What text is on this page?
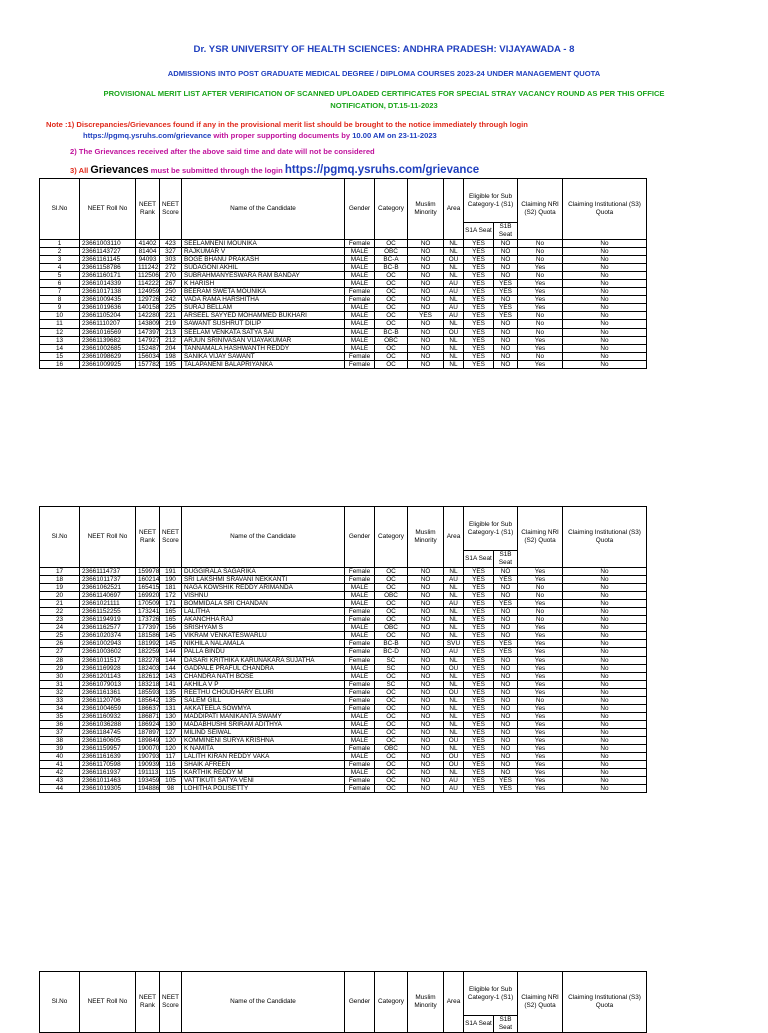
Dr. YSR UNIVERSITY OF HEALTH SCIENCES: ANDHRA PRADESH: VIJAYAWADA - 8
ADMISSIONS INTO POST GRADUATE MEDICAL DEGREE / DIPLOMA COURSES 2023-24 UNDER MANAGEMENT QUOTA
PROVISIONAL MERIT LIST AFTER VERIFICATION OF SCANNED UPLOADED CERTIFICATES FOR SPECIAL STRAY VACANCY ROUND AS PER THIS OFFICE
NOTIFICATION, DT.15-11-2023
Note :1) Discrepancies/Grievances found if any in the provisional merit list should be brought to the notice immediately through login
https://pgmq.ysruhs.com/grievance with proper supporting documents by 10.00 AM on 23-11-2023
2) The Grievances received after the above said time and date will not be considered
3) All Grievances must be submitted through the login https://pgmq.ysruhs.com/grievance
Sl.No	NEET Roll No	NEET Rank	NEET Score	Name of the Candidate	Gender	Category	Muslim Minority	Area	Eligible for Sub Category-1 (S1)		Claiming NRI (S2) Quota	Claiming Institutional (S3) Quota
									S1A Seat	S1B Seat		
1	23661003110	41402	423	SEELAMNENI MOUNIKA	Female	OC	NO	NL	YES	NO	No	No
2	23661143727	81404	327	RAJKUMAR V	MALE	OBC	NO	NL	YES	NO	No	No
3	23661161145	94093	303	BOGE BHANU PRAKASH	MALE	BC-A	NO	OU	YES	NO	No	No
4	23661158786	111242	272	SUDAGONI AKHIL	MALE	BC-B	NO	NL	YES	NO	Yes	No
5	23661160171	112506	270	SUBRAHMANYESWARA RAM BANDAY	MALE	OC	NO	NL	YES	NO	No	No
6	23661014339	114222	267	K HARISH	MALE	OC	NO	AU	YES	YES	Yes	No
7	23661017138	124959	250	BEERAM SWETA MOUNIKA	Female	OC	NO	AU	YES	YES	Yes	No
8	23661009435	129726	242	VADA RAMA HARSHITHA	Female	OC	NO	NL	YES	NO	Yes	No
9	23661019636	140158	225	SURAJ BELLAM	MALE	OC	NO	AU	YES	YES	Yes	No
10	23661105204	142280	221	ARSEEL SAYYED MOHAMMED BUKHARI	MALE	OC	YES	AU	YES	YES	No	No
11	23661110207	143809	219	SAWANT SUSHRUT DILIP	MALE	OC	NO	NL	YES	NO	No	No
12	23661016569	147397	213	SEELAM VENKATA SATYA SAI	MALE	BC-B	NO	OU	YES	NO	No	No
13	23661139682	147927	212	ARJUN SRINIVASAN VIJAYAKUMAR	MALE	OBC	NO	NL	YES	NO	Yes	No
14	23661002685	152487	204	TANNAMALA HASHWANTH REDDY	MALE	OC	NO	NL	YES	NO	Yes	No
15	23661098629	156034	198	SANIKA VIJAY SAWANT	Female	OC	NO	NL	YES	NO	No	No
16	23661009925	157782	195	TALAPANENI BALAPRIYANKA	Female	OC	NO	NL	YES	NO	Yes	No
Sl.No	NEET Roll No	NEET Rank	NEET Score	Name of the Candidate	Gender	Category	Muslim Minority	Area	Eligible for Sub Category-1 (S1)		Claiming NRI (S2) Quota	Claiming Institutional (S3) Quota
									S1A Seat	S1B Seat		
17	23661114737	159978	191	DUGGIRALA SAGARIKA	Female	OC	NO	NL	YES	NO	Yes	No
18	23661011737	160214	190	SRI LAKSHMI SRAVANI NEKKANTI	Female	OC	NO	AU	YES	YES	Yes	No
19	23661062521	165415	181	NAGA KOWSHIK REDDY ARIMANDA	MALE	OC	NO	NL	YES	NO	No	No
20	23661140697	169920	172	VISHNU	MALE	OBC	NO	NL	YES	NO	No	No
21	23661021111	170509	171	BOMMIDALA SRI CHANDAN	MALE	OC	NO	AU	YES	YES	Yes	No
22	23661152255	173241	165	LALITHA	Female	OC	NO	NL	YES	NO	No	No
23	23661194919	173726	165	AKANCHHA RAJ	Female	OC	NO	NL	YES	NO	No	No
24	23661162577	177397	156	SRISHYAM S	MALE	OBC	NO	NL	YES	NO	Yes	No
25	23661020374	181586	145	VIKRAM VENKATESWARLU	MALE	OC	NO	NL	YES	NO	Yes	No
26	23661002943	181992	145	NIKHILA NALAMALA	Female	BC-B	NO	SVU	YES	YES	Yes	No
27	23661003602	182259	144	PALLA BINDU	Female	BC-D	NO	AU	YES	YES	Yes	No
28	23661011517	182278	144	DASARI KRITHIKA KARUNAKARA SUJATHA	Female	SC	NO	NL	YES	NO	Yes	No
29	23661169928	182403	144	GADPALE PRAFUL CHANDRA	MALE	SC	NO	OU	YES	NO	Yes	No
30	23661201143	182612	143	CHANDRA NATH BOSE	MALE	OC	NO	NL	YES	NO	Yes	No
31	23661079013	183218	141	AKHILA V P	Female	SC	NO	NL	YES	NO	Yes	No
32	23661161361	185593	135	REETHU CHOUDHARY ELURI	Female	OC	NO	OU	YES	NO	Yes	No
33	23661120706	185642	135	SALEM GILL	Female	OC	NO	NL	YES	NO	No	No
34	23661004659	186637	131	AKKATEELA SOWMYA	Female	OC	NO	NL	YES	NO	Yes	No
35	23661160932	186871	130	MADDIPATI MANIKANTA SWAMY	MALE	OC	NO	NL	YES	NO	Yes	No
36	23661036288	186924	130	MADABHUSHI SRIRAM ADITHYA	MALE	OC	NO	NL	YES	NO	Yes	No
37	23661184745	187897	127	MILIND SEIWAL	MALE	OC	NO	NL	YES	NO	Yes	No
38	23661160605	189849	120	KOMMINENI SURYA KRISHNA	MALE	OC	NO	OU	YES	NO	Yes	No
39	23661159957	190070	120	K NAMITA	Female	OBC	NO	NL	YES	NO	Yes	No
40	23661161639	190793	117	LALITH KIRAN REDDY VAKA	MALE	OC	NO	OU	YES	NO	Yes	No
41	23661170598	190939	116	SHAIK AFREEN	Female	OC	NO	OU	YES	NO	Yes	No
42	23661161937	191113	115	KARTHIK REDDY M	MALE	OC	NO	NL	YES	NO	Yes	No
43	23661011463	193459	105	VATTIKUTI SATYA VENI	Female	OC	NO	AU	YES	YES	Yes	No
44	23661019305	194886	98	LOHITHA POLISETTY	Female	OC	NO	AU	YES	YES	Yes	No
Sl.No	NEET Roll No	NEET Rank	NEET Score	Name of the Candidate	Gender	Category	Muslim Minority	Area	Eligible for Sub Category-1 (S1)		Claiming NRI (S2) Quota	Claiming Institutional (S3) Quota
									S1A Seat	S1B Seat		
